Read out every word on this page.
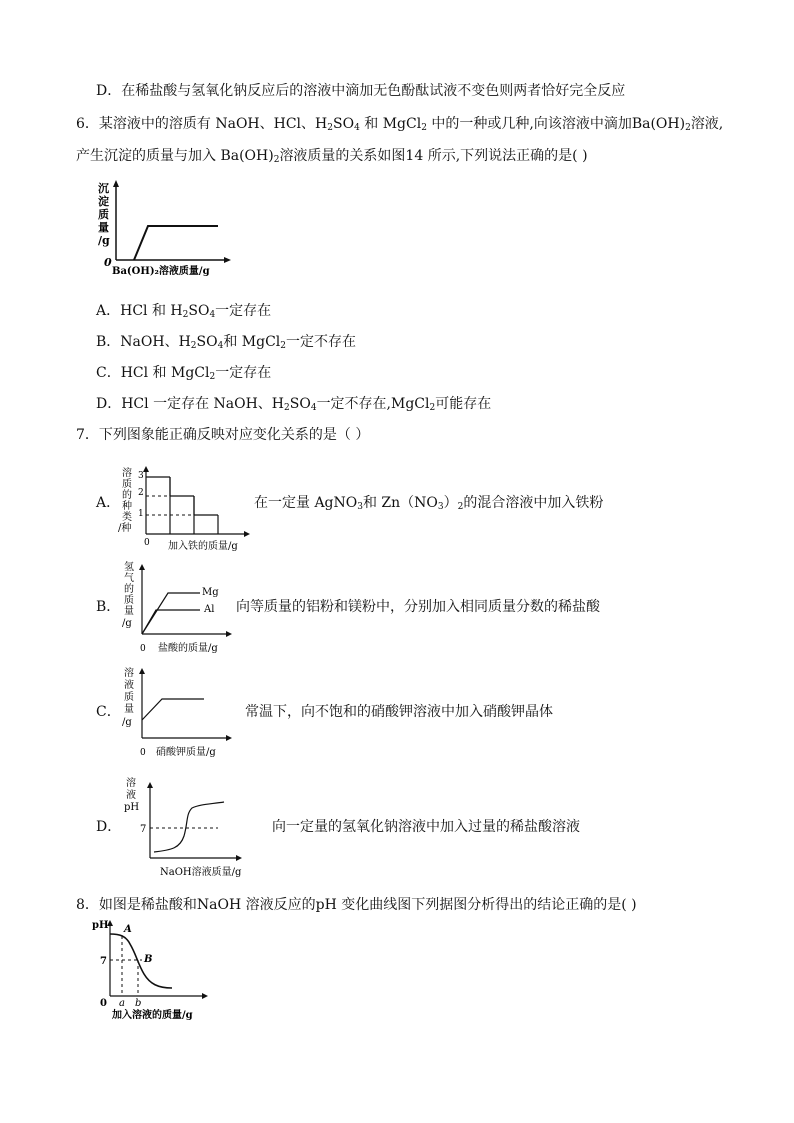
D．在稀盐酸与氢氧化钠反应后的溶液中滴加无色酚酞试液不变色则两者恰好完全反应
6．某溶液中的溶质有 NaOH、HCl、$H_2SO_4$ 和 MgCl$_2$ 中的一种或几种,向该溶液中滴加$Ba(OH)_2$溶液,
产生沉淀的质量与加入 $Ba(OH)_2$溶液质量的关系如图14 所示,下列说法正确的是( )
沉
淀
质
量
/g
0
Ba(OH)₂溶液质量/g
A．HCl 和 $H_2SO_4$一定存在
B．NaOH、$H_2SO_4$和 MgCl$_2$一定不存在
C．HCl 和 MgCl$_2$一定存在
D．HCl 一定存在 NaOH、$H_2SO_4$一定不存在,MgCl$_2$可能存在
7．下列图象能正确反映对应变化关系的是（ ）
A．
溶
质
的
种
类
/种
3
2
1
0 加入铁的质量/g
在一定量 AgNO$_3$和 $Zn(NO_3)_2$的混合溶液中加入铁粉
B．
氢
气
的
质
量
/g
Mg
Al
0 盐酸的质量/g
向等质量的铝粉和镁粉中，分别加入相同质量分数的稀盐酸
C．
溶
液
质
量
/g
0 硝酸钾质量/g
常温下，向不饱和的硝酸钾溶液中加入硝酸钾晶体
D．
溶
液
pH
7
NaOH溶液质量/g
向一定量的氢氧化钠溶液中加入过量的稀盐酸溶液
8．如图是稀盐酸和NaOH 溶液反应的pH 变化曲线图下列据图分析得出的结论正确的是( )
pH
7
A
B
0 a b
加入溶液的质量/g
